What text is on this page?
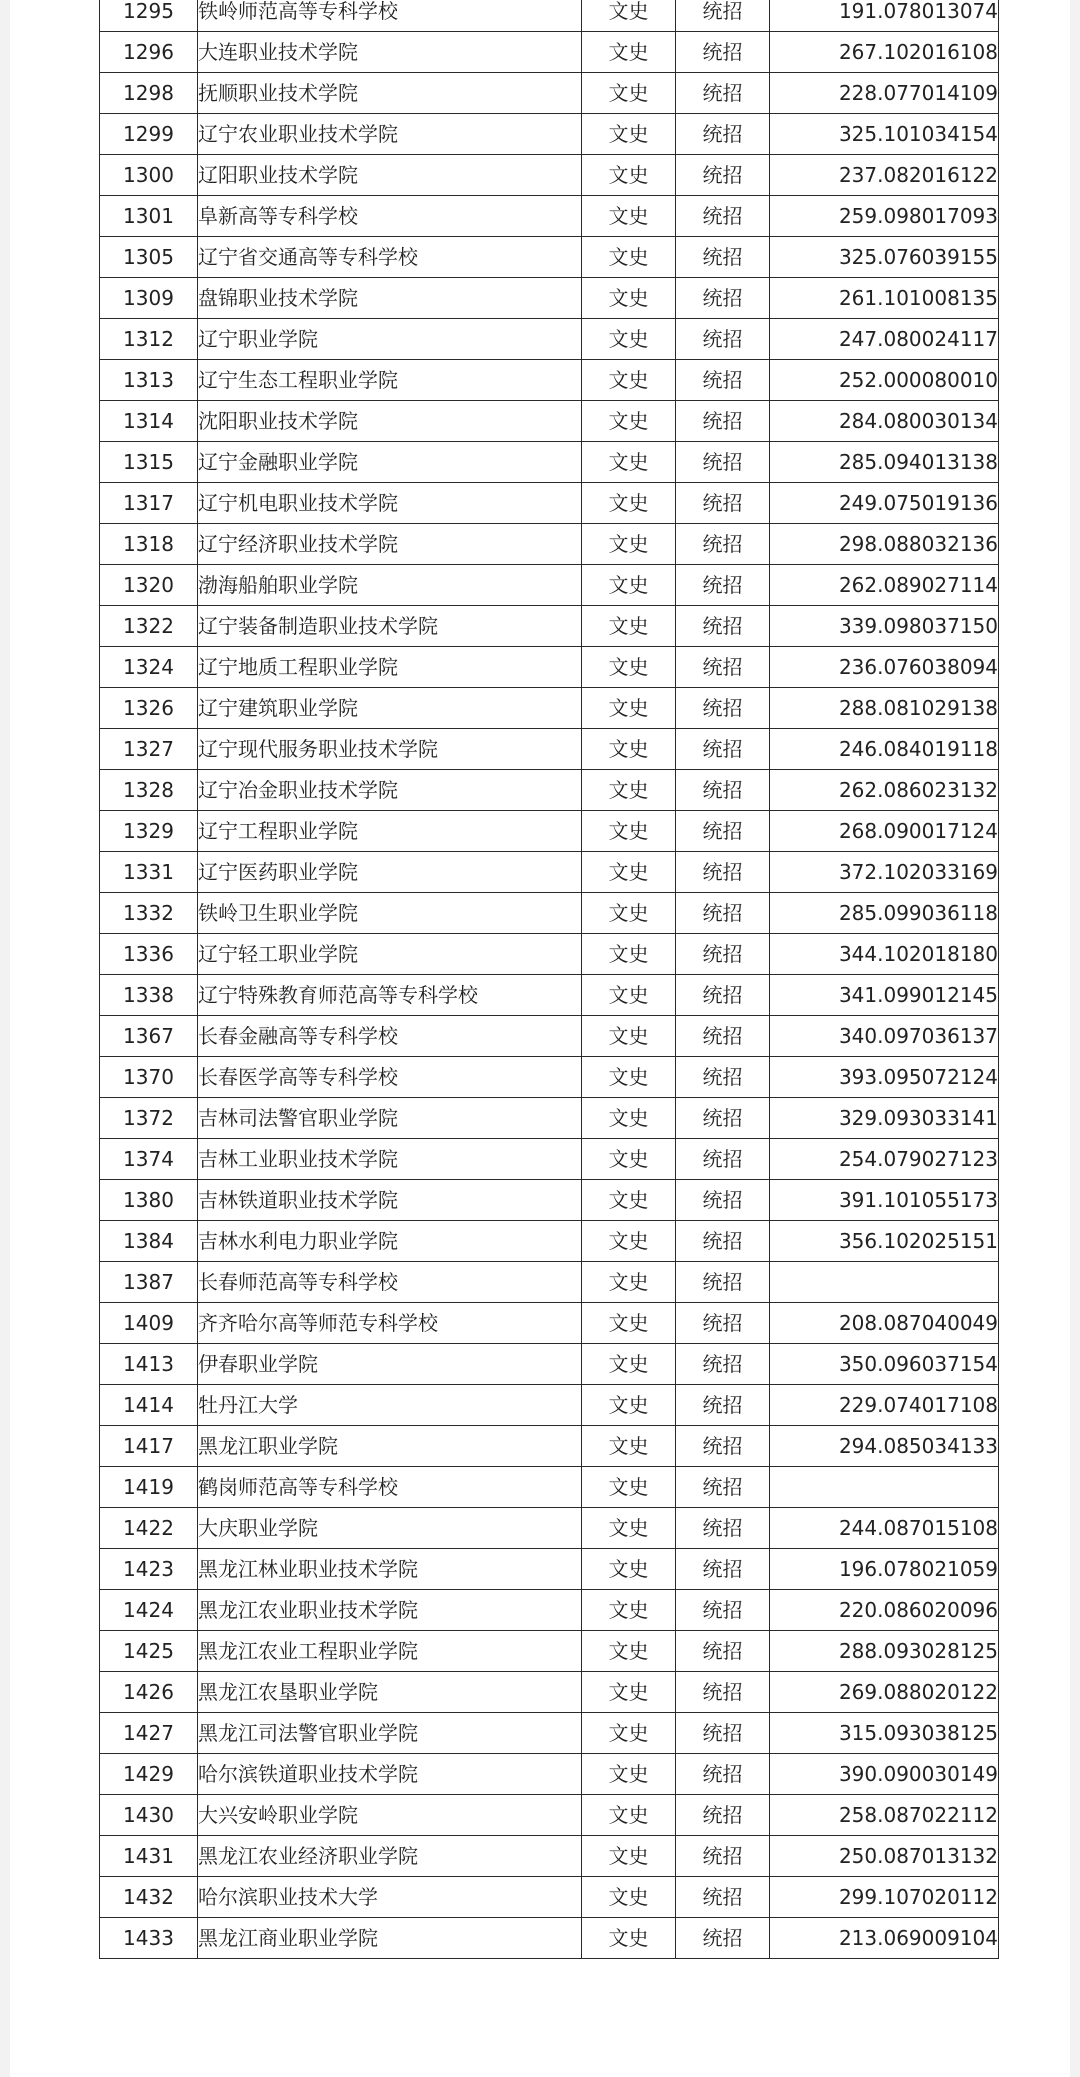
1295	铁岭师范高等专科学校	文史	统招	191.078013074
1296	大连职业技术学院	文史	统招	267.102016108
1298	抚顺职业技术学院	文史	统招	228.077014109
1299	辽宁农业职业技术学院	文史	统招	325.101034154
1300	辽阳职业技术学院	文史	统招	237.082016122
1301	阜新高等专科学校	文史	统招	259.098017093
1305	辽宁省交通高等专科学校	文史	统招	325.076039155
1309	盘锦职业技术学院	文史	统招	261.101008135
1312	辽宁职业学院	文史	统招	247.080024117
1313	辽宁生态工程职业学院	文史	统招	252.000080010
1314	沈阳职业技术学院	文史	统招	284.080030134
1315	辽宁金融职业学院	文史	统招	285.094013138
1317	辽宁机电职业技术学院	文史	统招	249.075019136
1318	辽宁经济职业技术学院	文史	统招	298.088032136
1320	渤海船舶职业学院	文史	统招	262.089027114
1322	辽宁装备制造职业技术学院	文史	统招	339.098037150
1324	辽宁地质工程职业学院	文史	统招	236.076038094
1326	辽宁建筑职业学院	文史	统招	288.081029138
1327	辽宁现代服务职业技术学院	文史	统招	246.084019118
1328	辽宁冶金职业技术学院	文史	统招	262.086023132
1329	辽宁工程职业学院	文史	统招	268.090017124
1331	辽宁医药职业学院	文史	统招	372.102033169
1332	铁岭卫生职业学院	文史	统招	285.099036118
1336	辽宁轻工职业学院	文史	统招	344.102018180
1338	辽宁特殊教育师范高等专科学校	文史	统招	341.099012145
1367	长春金融高等专科学校	文史	统招	340.097036137
1370	长春医学高等专科学校	文史	统招	393.095072124
1372	吉林司法警官职业学院	文史	统招	329.093033141
1374	吉林工业职业技术学院	文史	统招	254.079027123
1380	吉林铁道职业技术学院	文史	统招	391.101055173
1384	吉林水利电力职业学院	文史	统招	356.102025151
1387	长春师范高等专科学校	文史	统招	
1409	齐齐哈尔高等师范专科学校	文史	统招	208.087040049
1413	伊春职业学院	文史	统招	350.096037154
1414	牡丹江大学	文史	统招	229.074017108
1417	黑龙江职业学院	文史	统招	294.085034133
1419	鹤岗师范高等专科学校	文史	统招	
1422	大庆职业学院	文史	统招	244.087015108
1423	黑龙江林业职业技术学院	文史	统招	196.078021059
1424	黑龙江农业职业技术学院	文史	统招	220.086020096
1425	黑龙江农业工程职业学院	文史	统招	288.093028125
1426	黑龙江农垦职业学院	文史	统招	269.088020122
1427	黑龙江司法警官职业学院	文史	统招	315.093038125
1429	哈尔滨铁道职业技术学院	文史	统招	390.090030149
1430	大兴安岭职业学院	文史	统招	258.087022112
1431	黑龙江农业经济职业学院	文史	统招	250.087013132
1432	哈尔滨职业技术大学	文史	统招	299.107020112
1433	黑龙江商业职业学院	文史	统招	213.069009104
